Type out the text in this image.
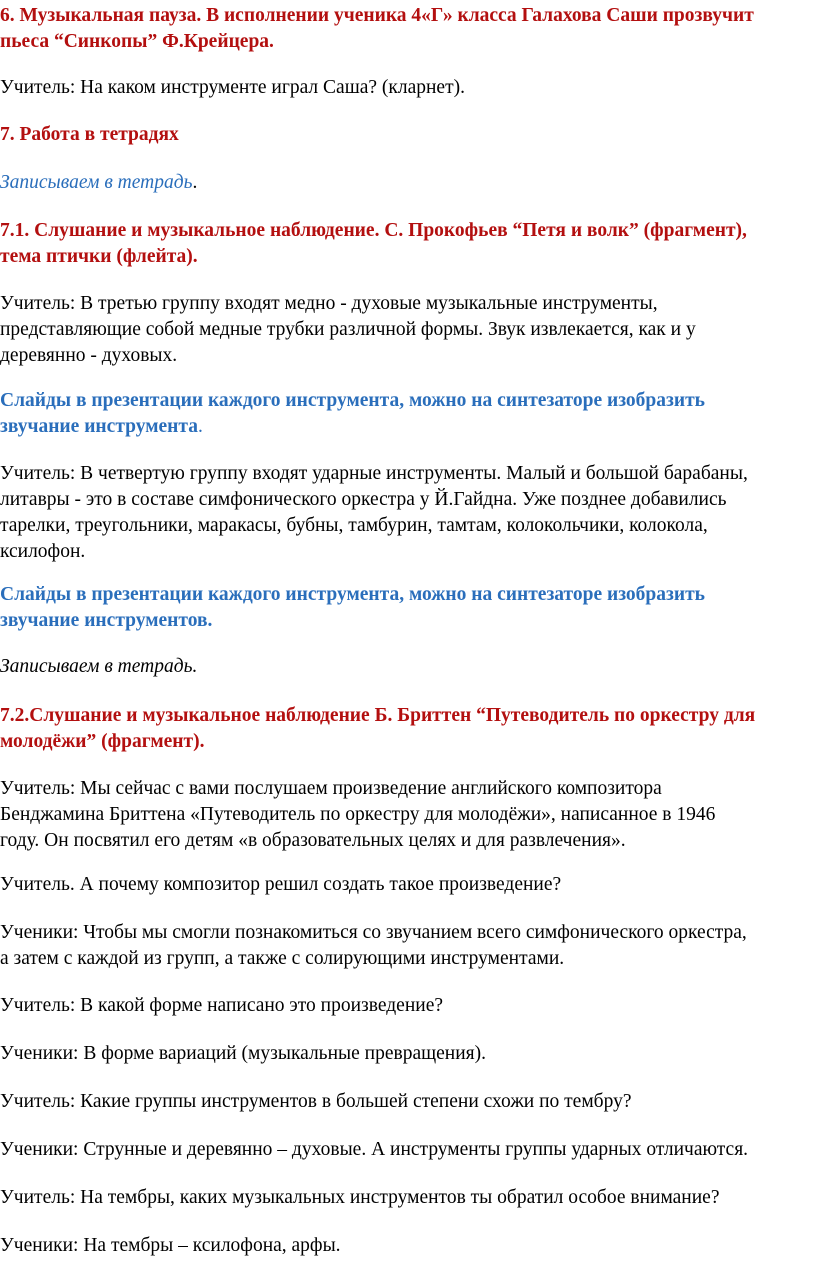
6. Музыкальная пауза. В исполнении ученика 4«Г» класса Галахова Саши прозвучит
пьеса “Синкопы” Ф.Крейцера.

Учитель: На каком инструменте играл Саша? (кларнет).

7. Работа в тетрадях

Записываем в тетрадь.

7.1. Слушание и музыкальное наблюдение. С. Прокофьев “Петя и волк” (фрагмент),
тема птички (флейта).

Учитель: В третью группу входят медно - духовые музыкальные инструменты,
представляющие собой медные трубки различной формы. Звук извлекается, как и у
деревянно - духовых.

Слайды в презентации каждого инструмента, можно на синтезаторе изобразить
звучание инструмента.

Учитель: В четвертую группу входят ударные инструменты. Малый и большой барабаны,
литавры - это в составе симфонического оркестра у Й.Гайдна. Уже позднее добавились
тарелки, треугольники, маракасы, бубны, тамбурин, тамтам, колокольчики, колокола,
ксилофон.

Слайды в презентации каждого инструмента, можно на синтезаторе изобразить
звучание инструментов.

Записываем в тетрадь.

7.2.Слушание и музыкальное наблюдение Б. Бриттен “Путеводитель по оркестру для
молодёжи” (фрагмент).

Учитель: Мы сейчас с вами послушаем произведение английского композитора
Бенджамина Бриттена «Путеводитель по оркестру для молодёжи», написанное в 1946
году. Он посвятил его детям «в образовательных целях и для развлечения».

Учитель. А почему композитор решил создать такое произведение?

Ученики: Чтобы мы смогли познакомиться со звучанием всего симфонического оркестра,
а затем с каждой из групп, а также с солирующими инструментами.

Учитель: В какой форме написано это произведение?

Ученики: В форме вариаций (музыкальные превращения).

Учитель: Какие группы инструментов в большей степени схожи по тембру?

Ученики: Струнные и деревянно – духовые. А инструменты группы ударных отличаются.

Учитель: На тембры, каких музыкальных инструментов ты обратил особое внимание?

Ученики: На тембры – ксилофона, арфы.
